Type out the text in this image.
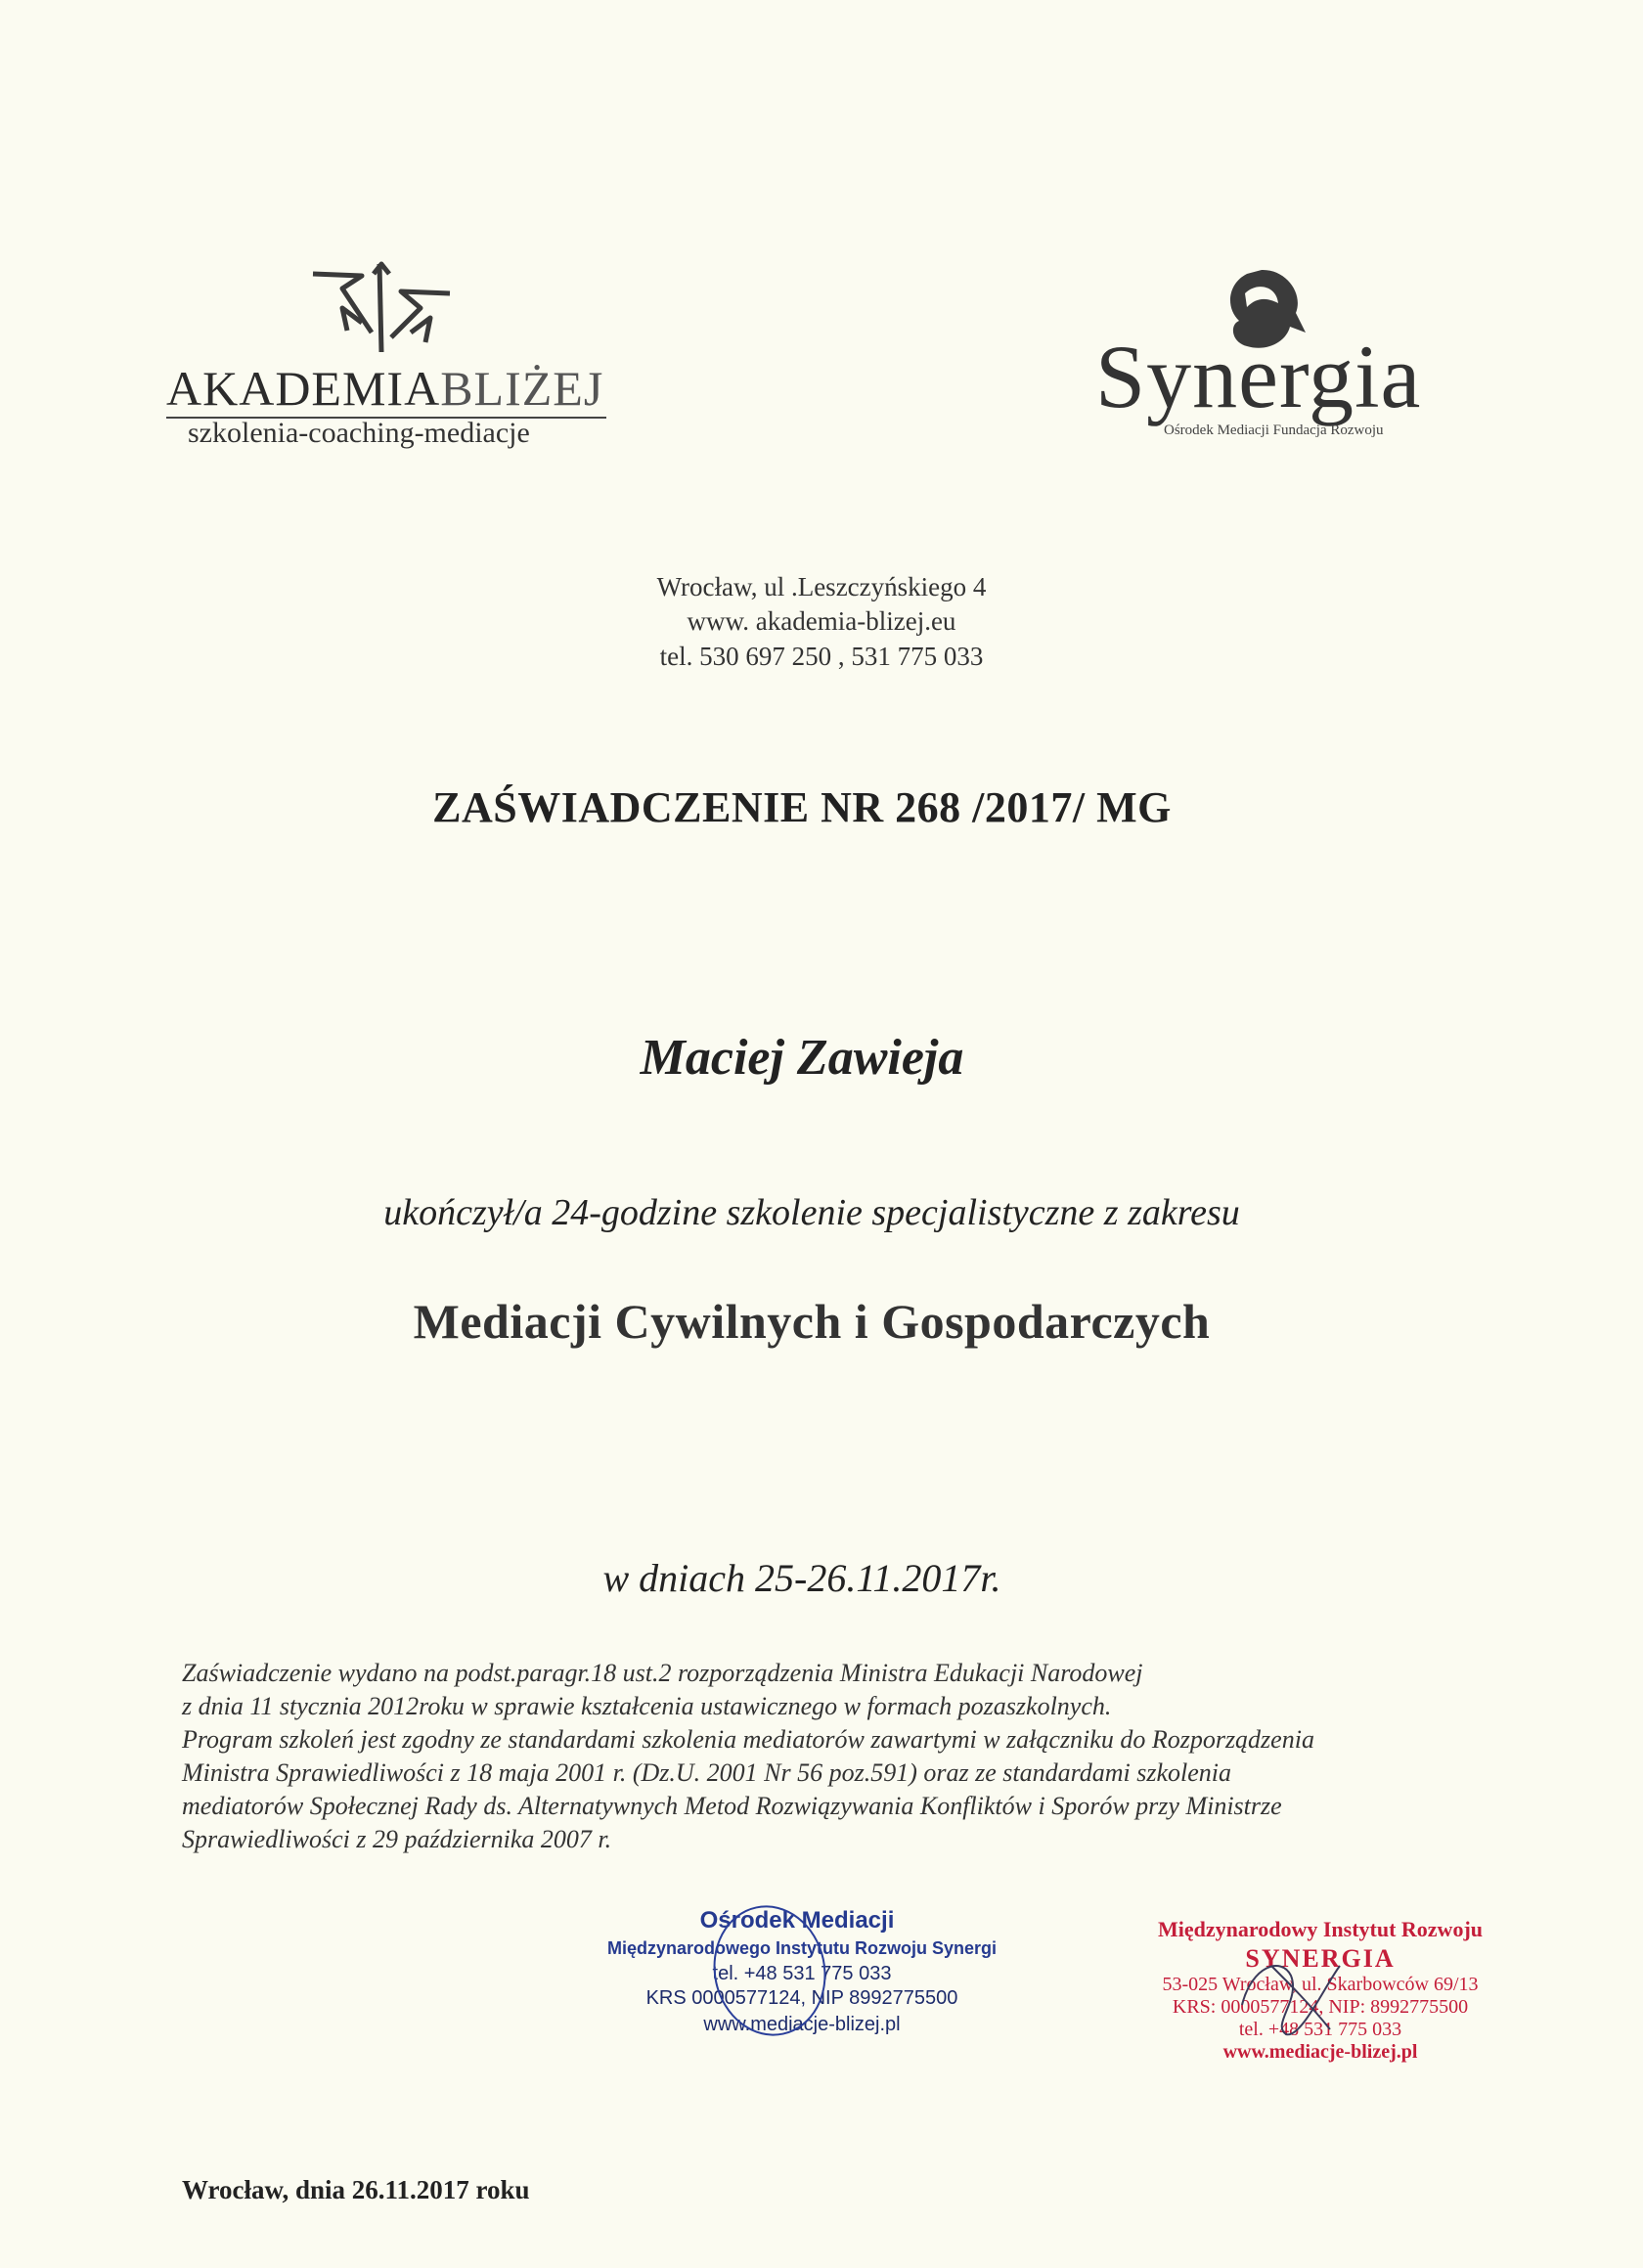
AKADEMIABLIŻEJ
szkolenia-coaching-mediacje
Synergia
Ośrodek Mediacji Fundacja Rozwoju
Wrocław, ul .Leszczyńskiego 4
www. akademia-blizej.eu
tel. 530 697 250 , 531 775 033
ZAŚWIADCZENIE NR 268 /2017/ MG
Maciej Zawieja
ukończył/a 24-godzine szkolenie specjalistyczne z zakresu
Mediacji Cywilnych i Gospodarczych
w dniach 25-26.11.2017r.
Zaświadczenie wydano na podst.paragr.18 ust.2 rozporządzenia Ministra Edukacji Narodowej
z dnia 11 stycznia 2012roku w sprawie kształcenia ustawicznego w formach pozaszkolnych.
Program szkoleń jest zgodny ze standardami szkolenia mediatorów zawartymi w załączniku do Rozporządzenia
Ministra Sprawiedliwości z 18 maja 2001 r. (Dz.U. 2001 Nr 56 poz.591) oraz ze standardami szkolenia
mediatorów Społecznej Rady ds. Alternatywnych Metod Rozwiązywania Konfliktów i Sporów przy Ministrze
Sprawiedliwości z 29 października 2007 r.
Ośrodek Mediacji
Międzynarodowego Instytutu Rozwoju Synergi
tel. +48 531 775 033
KRS 0000577124, NIP 8992775500
www.mediacje-blizej.pl
Międzynarodowy Instytut Rozwoju
SYNERGIA
53-025 Wrocław, ul. Skarbowców 69/13
KRS: 0000577124, NIP: 8992775500
tel. +48 531 775 033
www.mediacje-blizej.pl
Wrocław, dnia 26.11.2017 roku
